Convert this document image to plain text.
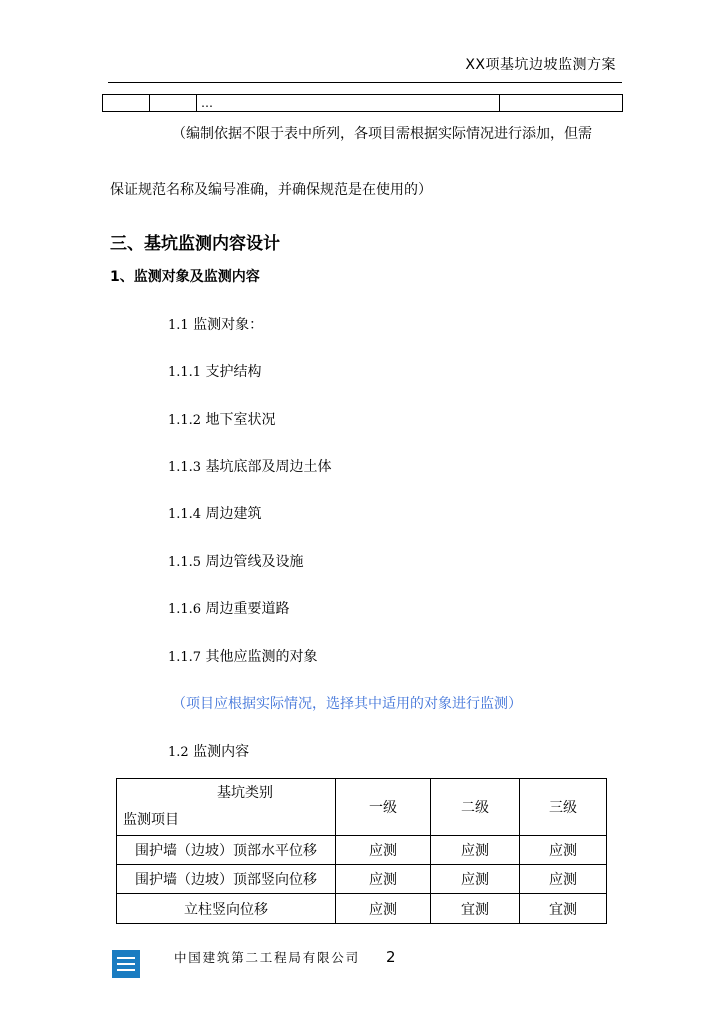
XX项基坑边坡监测方案
		…	
（编制依据不限于表中所列，各项目需根据实际情况进行添加，但需
保证规范名称及编号准确，并确保规范是在使用的）
三、基坑监测内容设计
1、监测对象及监测内容
1.1 监测对象：
1.1.1 支护结构
1.1.2 地下室状况
1.1.3 基坑底部及周边土体
1.1.4 周边建筑
1.1.5 周边管线及设施
1.1.6 周边重要道路
1.1.7 其他应监测的对象
（项目应根据实际情况，选择其中适用的对象进行监测）
1.2 监测内容
基坑类别
监测项目	一级	二级	三级
围护墙（边坡）顶部水平位移	应测	应测	应测
围护墙（边坡）顶部竖向位移	应测	应测	应测
立柱竖向位移	应测	宜测	宜测
中国建筑第二工程局有限公司 2
